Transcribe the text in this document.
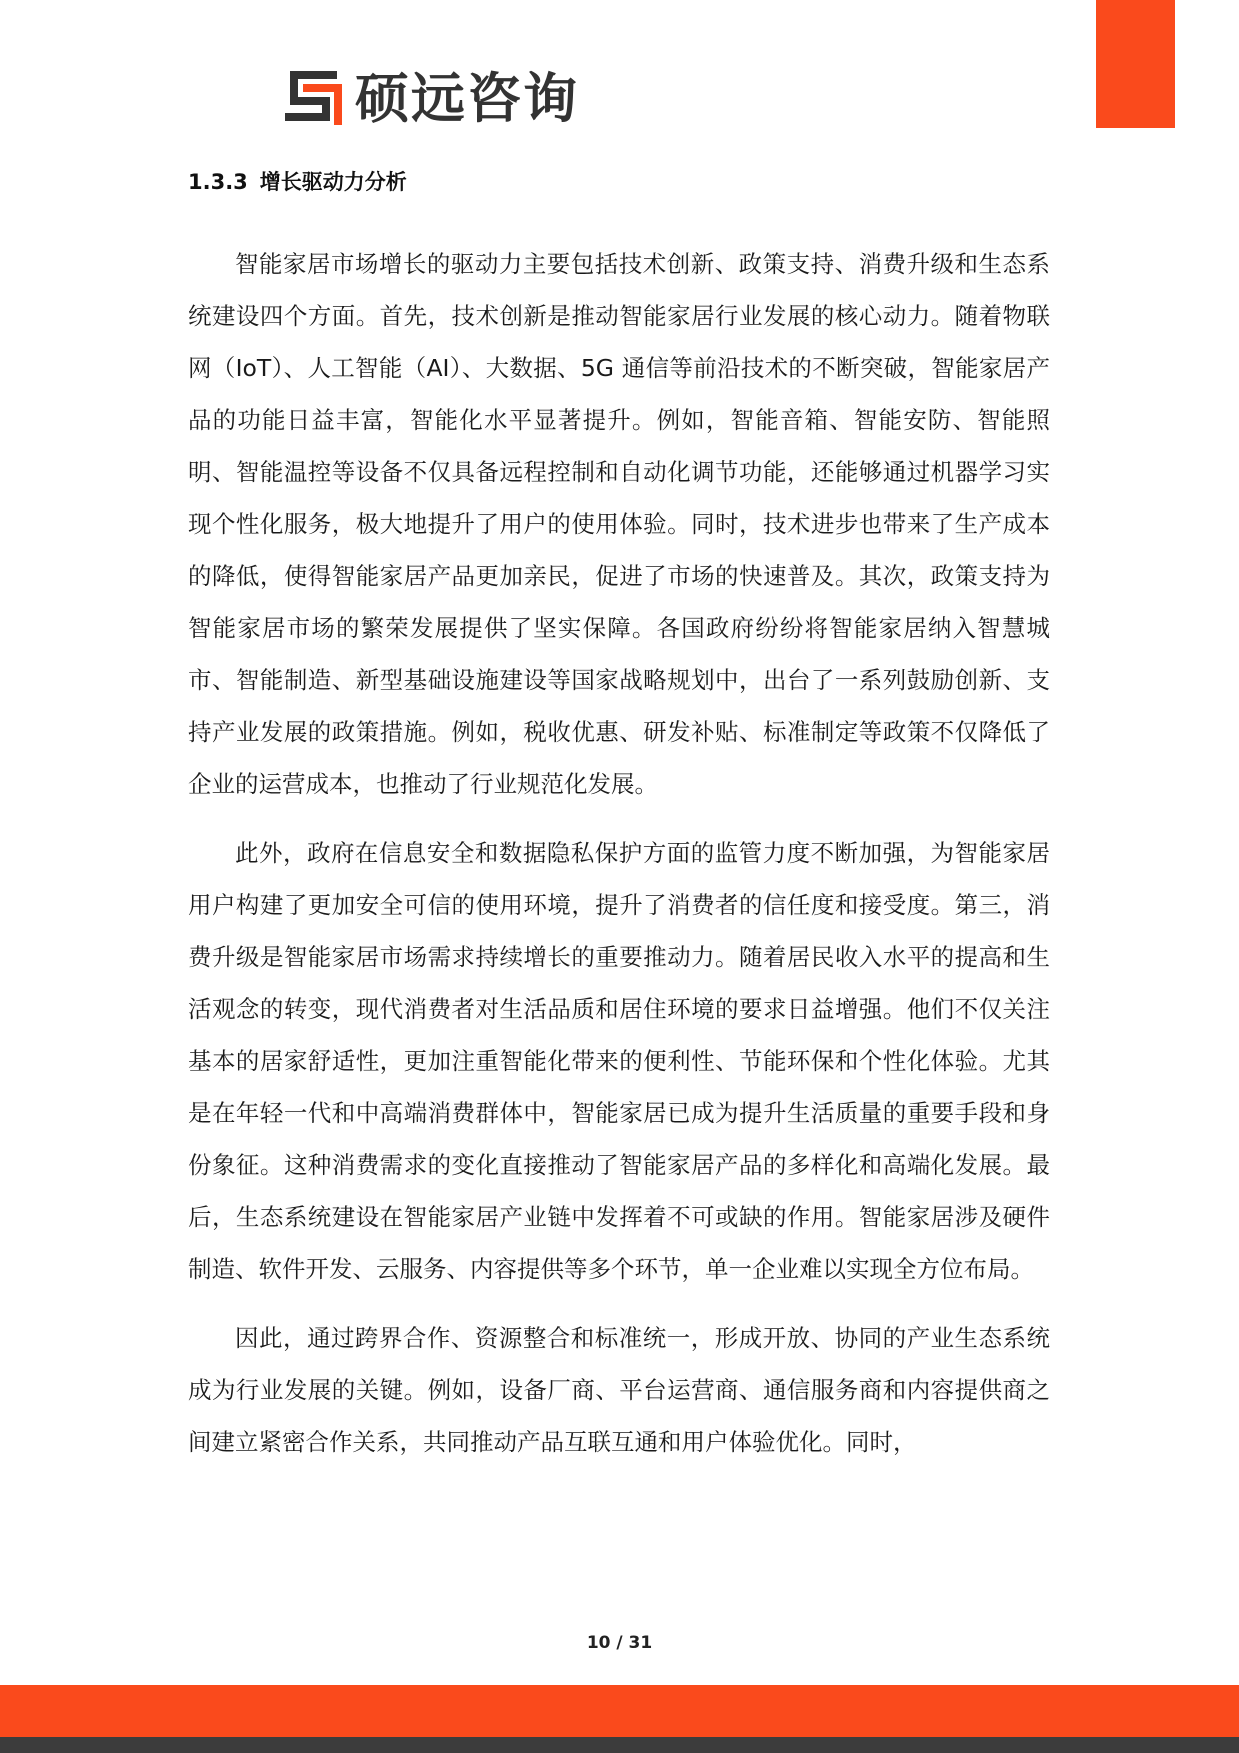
硕远咨询
1.3.3 增长驱动力分析

智能家居市场增长的驱动力主要包括技术创新、政策支持、消费升级和生态系统建设四个方面。首先，技术创新是推动智能家居行业发展的核心动力。随着物联网（IoT）、人工智能（AI）、大数据、5G 通信等前沿技术的不断突破，智能家居产品的功能日益丰富，智能化水平显著提升。例如，智能音箱、智能安防、智能照明、智能温控等设备不仅具备远程控制和自动化调节功能，还能够通过机器学习实现个性化服务，极大地提升了用户的使用体验。同时，技术进步也带来了生产成本的降低，使得智能家居产品更加亲民，促进了市场的快速普及。其次，政策支持为智能家居市场的繁荣发展提供了坚实保障。各国政府纷纷将智能家居纳入智慧城市、智能制造、新型基础设施建设等国家战略规划中，出台了一系列鼓励创新、支持产业发展的政策措施。例如，税收优惠、研发补贴、标准制定等政策不仅降低了企业的运营成本，也推动了行业规范化发展。

此外，政府在信息安全和数据隐私保护方面的监管力度不断加强，为智能家居用户构建了更加安全可信的使用环境，提升了消费者的信任度和接受度。第三，消费升级是智能家居市场需求持续增长的重要推动力。随着居民收入水平的提高和生活观念的转变，现代消费者对生活品质和居住环境的要求日益增强。他们不仅关注基本的居家舒适性，更加注重智能化带来的便利性、节能环保和个性化体验。尤其是在年轻一代和中高端消费群体中，智能家居已成为提升生活质量的重要手段和身份象征。这种消费需求的变化直接推动了智能家居产品的多样化和高端化发展。最后，生态系统建设在智能家居产业链中发挥着不可或缺的作用。智能家居涉及硬件制造、软件开发、云服务、内容提供等多个环节，单一企业难以实现全方位布局。

因此，通过跨界合作、资源整合和标准统一，形成开放、协同的产业生态系统成为行业发展的关键。例如，设备厂商、平台运营商、通信服务商和内容提供商之间建立紧密合作关系，共同推动产品互联互通和用户体验优化。同时，

10 / 31
